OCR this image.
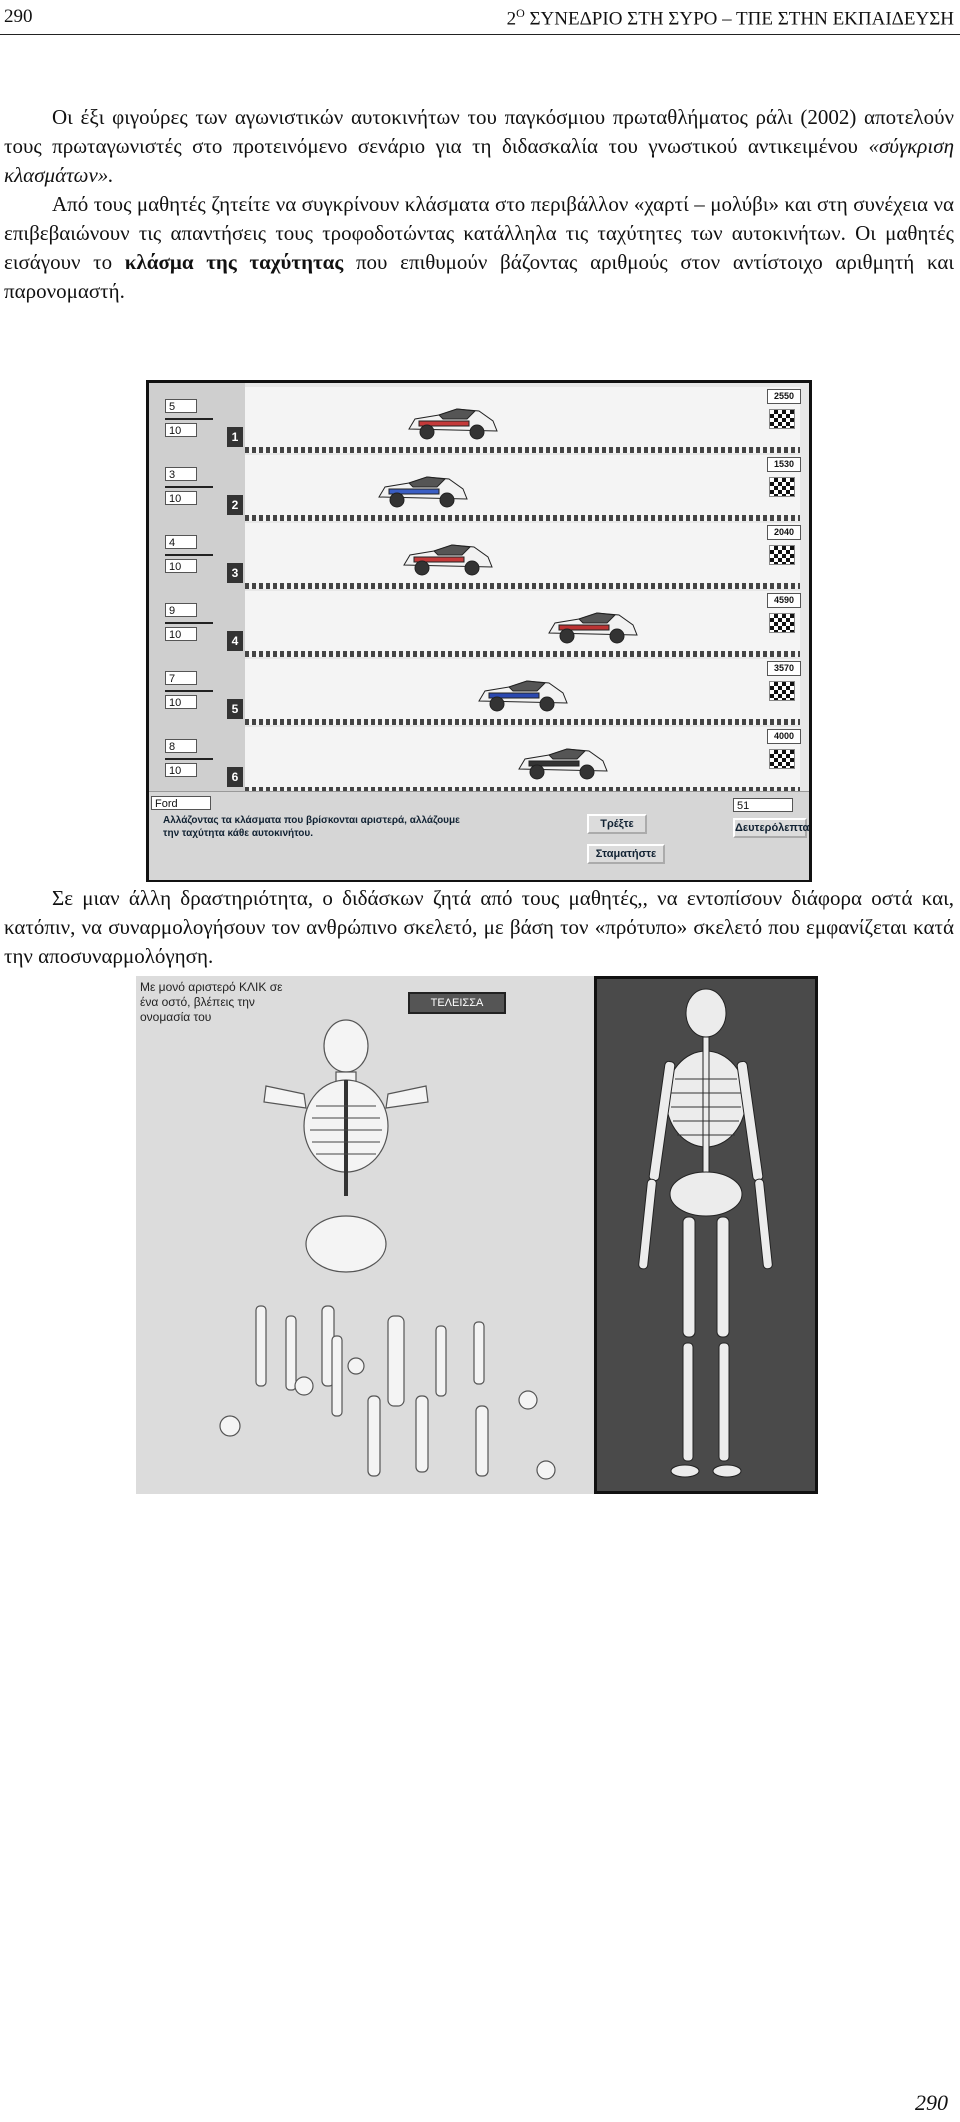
290	$2^O$ ΣΥΝΕΔΡΙΟ ΣΤΗ ΣΥΡΟ – ΤΠΕ ΣΤΗΝ ΕΚΠΑΙΔΕΥΣΗ

Οι έξι φιγούρες των αγωνιστικών αυτοκινήτων του παγκόσμιου πρωταθλήματος ράλι (2002) αποτελούν τους πρωταγωνιστές στο προτεινόμενο σενάριο για τη διδασκαλία του γνωστικού αντικειμένου «σύγκριση κλασμάτων».

Από τους μαθητές ζητείτε να συγκρίνουν κλάσματα στο περιβάλλον «χαρτί – μολύβι» και στη συνέχεια να επιβεβαιώνουν τις απαντήσεις τους τροφοδοτώντας κατάλληλα τις ταχύτητες των αυτοκινήτων. Οι μαθητές εισάγουν το κλάσμα της ταχύτητας που επιθυμούν βάζοντας αριθμούς στον αντίστοιχο αριθμητή και παρονομαστή.

5
10	1
2550
3
10	2
1530
4
10	3
2040
9
10	4
4590
7
10	5
3570
8
10	6
4000
Ford
Αλλάζοντας τα κλάσματα που βρίσκονται αριστερά, αλλάζουμε την ταχύτητα κάθε αυτοκινήτου.
51
Δευτερόλεπτα
Τρέξτε
Σταματήστε

Σε μιαν άλλη δραστηριότητα, ο διδάσκων ζητά από τους μαθητές,, να εντοπίσουν διάφορα οστά και, κατόπιν, να συναρμολογήσουν τον ανθρώπινο σκελετό, με βάση τον «πρότυπο» σκελετό που εμφανίζεται κατά την αποσυναρμολόγηση.

Με μονό αριστερό ΚΛΙΚ σε ένα οστό, βλέπεις την ονομασία του
ΤΕΛΕΙΣΣΑ
290
